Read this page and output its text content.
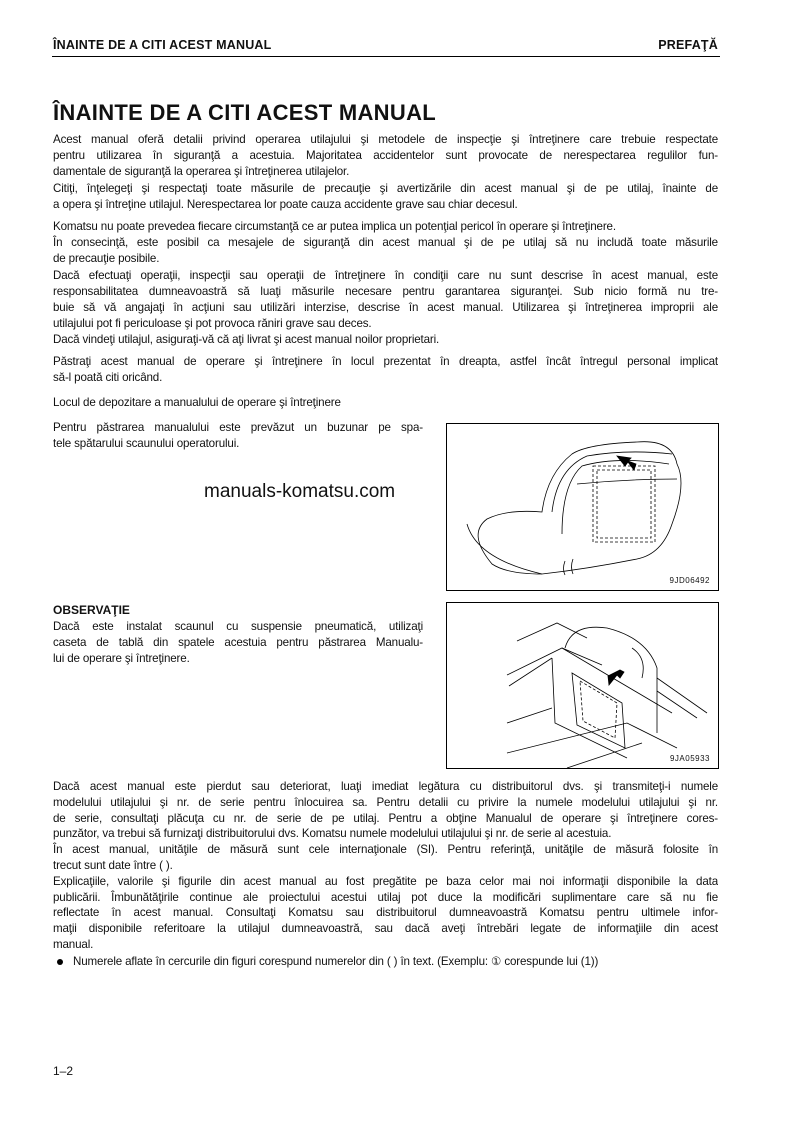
ÎNAINTE DE A CITI ACEST MANUAL	PREFAŢĂ
ÎNAINTE DE A CITI ACEST MANUAL
Acest manual oferă detalii privind operarea utilajului şi metodele de inspecţie şi întreţinere care trebuie respectate
pentru utilizarea în siguranţă a acestuia. Majoritatea accidentelor sunt provocate de nerespectarea regulilor fun-
damentale de siguranţă la operarea şi întreţinerea utilajelor.
Citiţi, înţelegeţi şi respectaţi toate măsurile de precauţie şi avertizările din acest manual şi de pe utilaj, înainte de
a opera şi întreţine utilajul. Nerespectarea lor poate cauza accidente grave sau chiar decesul.
Komatsu nu poate prevedea fiecare circumstanţă ce ar putea implica un potenţial pericol în operare şi întreţinere.
În consecinţă, este posibil ca mesajele de siguranţă din acest manual şi de pe utilaj să nu includă toate măsurile
de precauţie posibile.
Dacă efectuaţi operaţii, inspecţii sau operaţii de întreţinere în condiţii care nu sunt descrise în acest manual, este
responsabilitatea dumneavoastră să luaţi măsurile necesare pentru garantarea siguranţei. Sub nicio formă nu tre-
buie să vă angajaţi în acţiuni sau utilizări interzise, descrise în acest manual. Utilizarea şi întreţinerea improprii ale
utilajului pot fi periculoase şi pot provoca răniri grave sau deces.
Dacă vindeţi utilajul, asiguraţi-vă că aţi livrat şi acest manual noilor proprietari.
Păstraţi acest manual de operare şi întreţinere în locul prezentat în dreapta, astfel încât întregul personal implicat
să-l poată citi oricând.
Locul de depozitare a manualului de operare şi întreţinere
Pentru păstrarea manualului este prevăzut un buzunar pe spa-
tele spătarului scaunului operatorului.
Dacă este instalat scaunul cu suspensie pneumatică, utilizaţi
caseta de tablă din spatele acestuia pentru păstrarea Manualu-
lui de operare şi întreţinere.
Dacă acest manual este pierdut sau deteriorat, luaţi imediat legătura cu distribuitorul dvs. şi transmiteţi-i numele
modelului utilajului şi nr. de serie pentru înlocuirea sa. Pentru detalii cu privire la numele modelului utilajului şi nr.
de serie, consultaţi plăcuţa cu nr. de serie de pe utilaj. Pentru a obţine Manualul de operare şi întreţinere cores-
punzător, va trebui să furnizaţi distribuitorului dvs. Komatsu numele modelului utilajului şi nr. de serie al acestuia.
În acest manual, unităţile de măsură sunt cele internaţionale (SI). Pentru referinţă, unităţile de măsură folosite în
trecut sunt date între ( ).
Explicaţiile, valorile şi figurile din acest manual au fost pregătite pe baza celor mai noi informaţii disponibile la data
publicării. Îmbunătăţirile continue ale proiectului acestui utilaj pot duce la modificări suplimentare care să nu fie
reflectate în acest manual. Consultaţi Komatsu sau distribuitorul dumneavoastră Komatsu pentru ultimele infor-
maţii disponibile referitoare la utilajul dumneavoastră, sau dacă aveţi întrebări legate de informaţiile din acest
manual.
9JD06492
9JA05933
manuals-komatsu.com
OBSERVAŢIE
Numerele aflate în cercurile din figuri corespund numerelor din ( ) în text. (Exemplu: ① corespunde lui (1))
1–2
